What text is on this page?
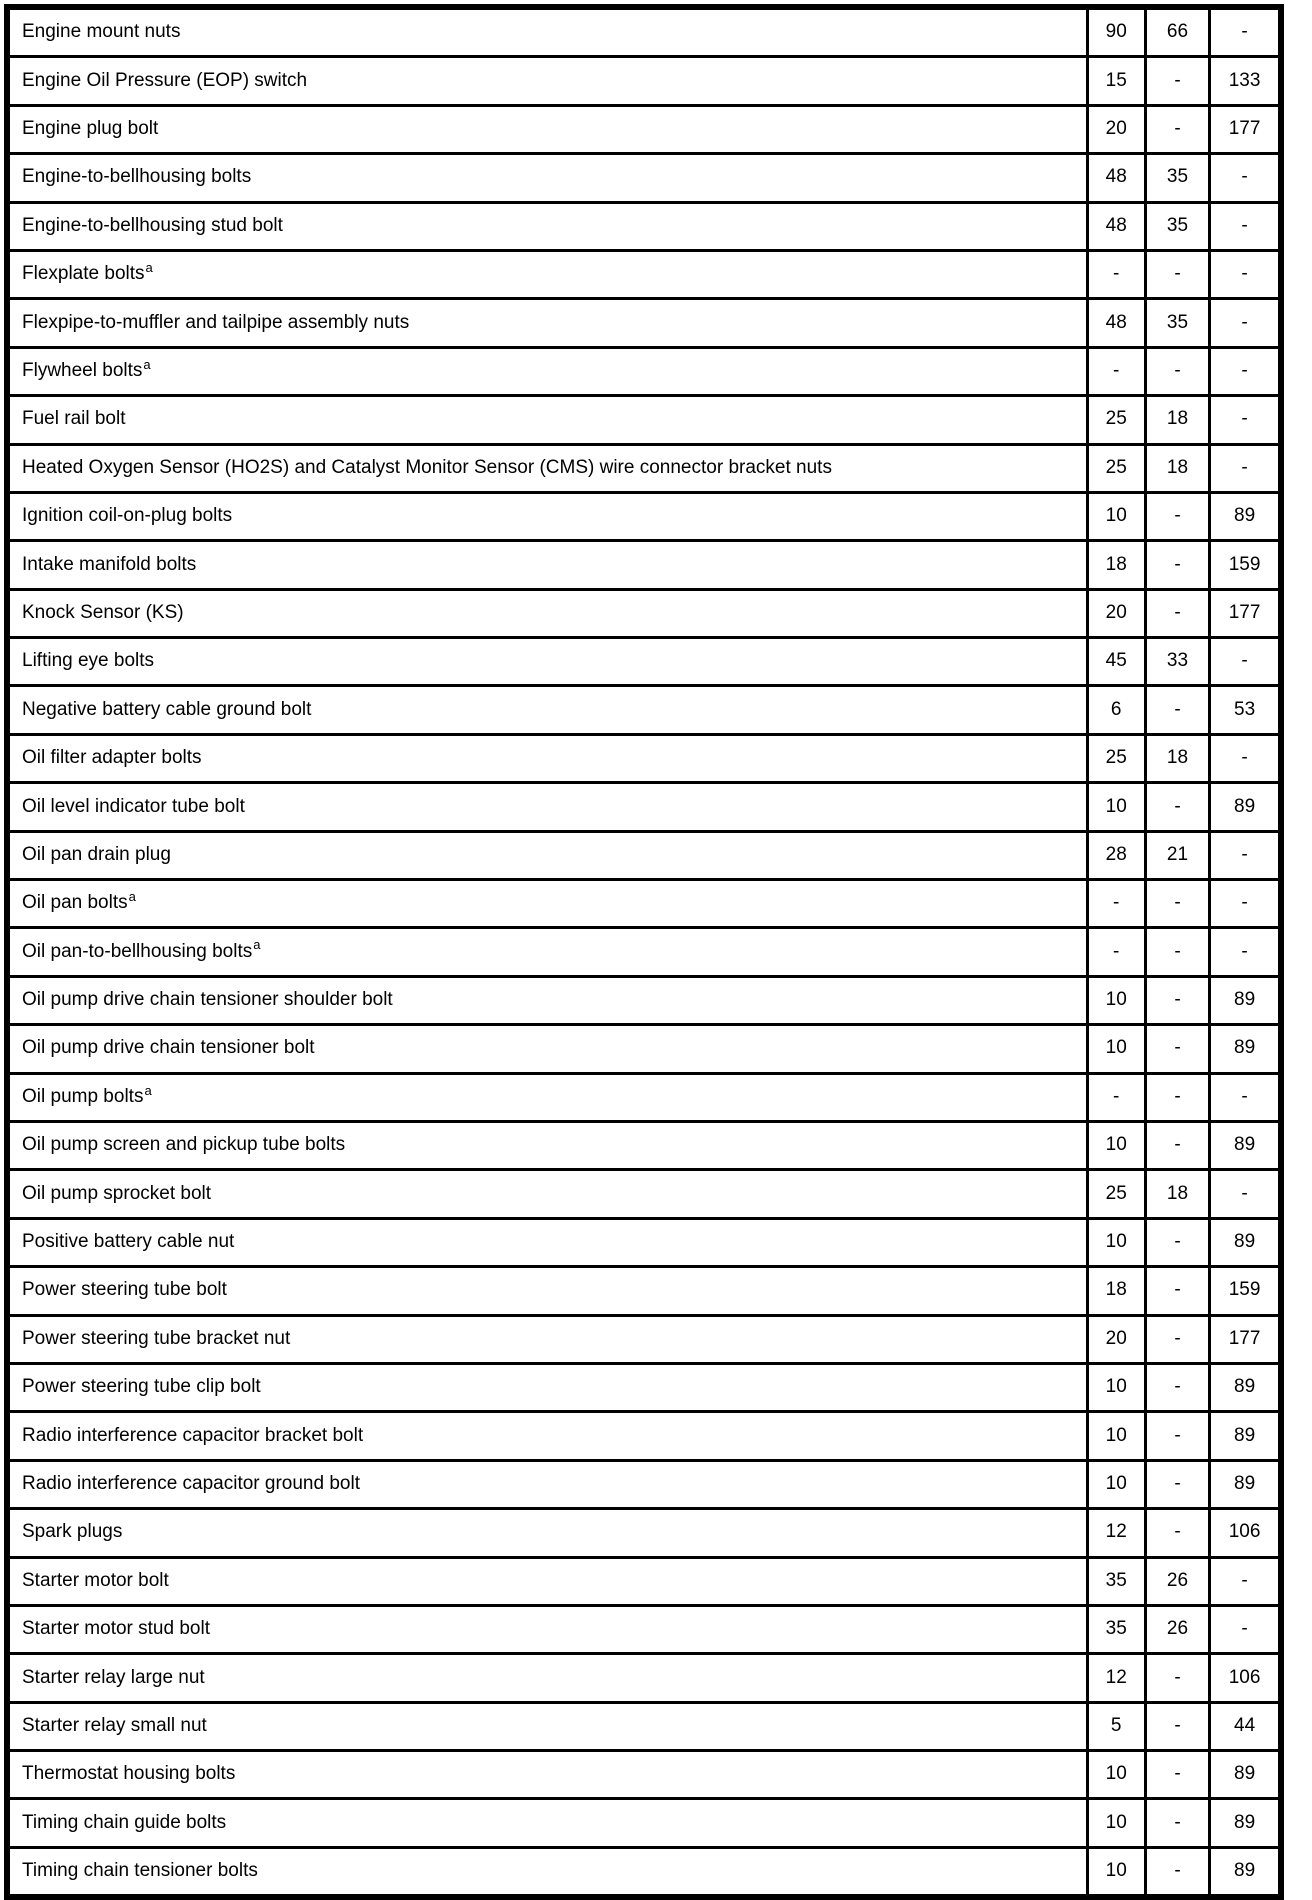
Engine mount nuts	90	66	-
Engine Oil Pressure (EOP) switch	15	-	133
Engine plug bolt	20	-	177
Engine-to-bellhousing bolts	48	35	-
Engine-to-bellhousing stud bolt	48	35	-
Flexplate bolts$^a$	-	-	-
Flexpipe-to-muffler and tailpipe assembly nuts	48	35	-
Flywheel bolts$^a$	-	-	-
Fuel rail bolt	25	18	-
Heated Oxygen Sensor (HO2S) and Catalyst Monitor Sensor (CMS) wire connector bracket nuts	25	18	-
Ignition coil-on-plug bolts	10	-	89
Intake manifold bolts	18	-	159
Knock Sensor (KS)	20	-	177
Lifting eye bolts	45	33	-
Negative battery cable ground bolt	6	-	53
Oil filter adapter bolts	25	18	-
Oil level indicator tube bolt	10	-	89
Oil pan drain plug	28	21	-
Oil pan bolts$^a$	-	-	-
Oil pan-to-bellhousing bolts$^a$	-	-	-
Oil pump drive chain tensioner shoulder bolt	10	-	89
Oil pump drive chain tensioner bolt	10	-	89
Oil pump bolts$^a$	-	-	-
Oil pump screen and pickup tube bolts	10	-	89
Oil pump sprocket bolt	25	18	-
Positive battery cable nut	10	-	89
Power steering tube bolt	18	-	159
Power steering tube bracket nut	20	-	177
Power steering tube clip bolt	10	-	89
Radio interference capacitor bracket bolt	10	-	89
Radio interference capacitor ground bolt	10	-	89
Spark plugs	12	-	106
Starter motor bolt	35	26	-
Starter motor stud bolt	35	26	-
Starter relay large nut	12	-	106
Starter relay small nut	5	-	44
Thermostat housing bolts	10	-	89
Timing chain guide bolts	10	-	89
Timing chain tensioner bolts	10	-	89
